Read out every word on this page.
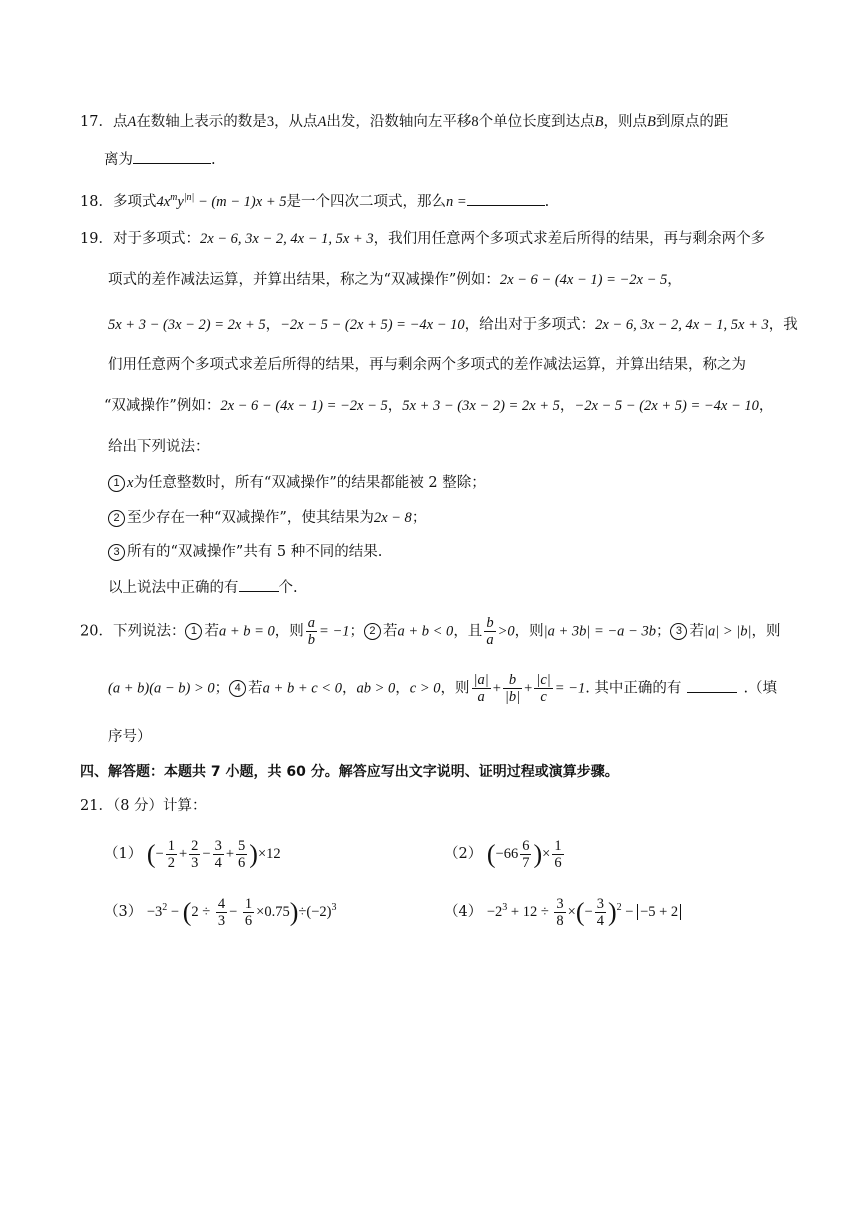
17．点A在数轴上表示的数是3，从点A出发，沿数轴向左平移8个单位长度到达点B，则点B到原点的距
离为	.
18．多项式$4x^my^{|n|} - (m - 1)x + 5$是一个四次二项式，那么n =	.
19．对于多项式：2x − 6, 3x − 2, 4x − 1, 5x + 3，我们用任意两个多项式求差后所得的结果，再与剩余两个多
项式的差作减法运算，并算出结果，称之为“双减操作”例如：2x − 6 − (4x − 1) = −2x − 5，
5x + 3 − (3x − 2) = 2x + 5，−2x − 5 − (2x + 5) = −4x − 10，给出对于多项式：2x − 6, 3x − 2, 4x − 1, 5x + 3，我
们用任意两个多项式求差后所得的结果，再与剩余两个多项式的差作减法运算，并算出结果，称之为
“双减操作”例如：2x − 6 − (4x − 1) = −2x − 5，5x + 3 − (3x − 2) = 2x + 5，−2x − 5 − (2x + 5) = −4x − 10，
给出下列说法：
1 x为任意整数时，所有“双减操作”的结果都能被 2 整除；
2 至少存在一种“双减操作”，使其结果为2x − 8；
3 所有的“双减操作”共有 5 种不同的结果.
以上说法中正确的有	个.
20．下列说法： 1 若a + b = 0，则 $\frac{a}{b} = -1$； 2 若a + b < 0，且 $\frac{b}{a} >0$，则|a + 3b| = −a − 3b； 3 若|a| > |b|，则
(a + b)(a − b) > 0； 4 若a + b + c < 0，ab > 0，c > 0，则 $\frac{|a|}{a} + \frac{b}{|b|} + \frac{|c|}{c} = -1$. 其中正确的有	.（填
序号）
四、解答题：本题共 7 小题，共 60 分。解答应写出文字说明、证明过程或演算步骤。
21．（8 分）计算：
（1） (− $\frac{1}{2} + \frac{2}{3} - \frac{3}{4} + \frac{5}{6} )\times 12$	（2） ($-66 \frac{6}{7}$ )× $\frac{1}{6}$
$(3) -3^2 - (2 \div \frac{4}{3} - \frac{1}{6} \times 0.75)\div(-2)^3$	$(4) -2^3 + 12 \div \frac{3}{8}$ ×(− $\frac{3}{4} )^2 - -5 + 2$
